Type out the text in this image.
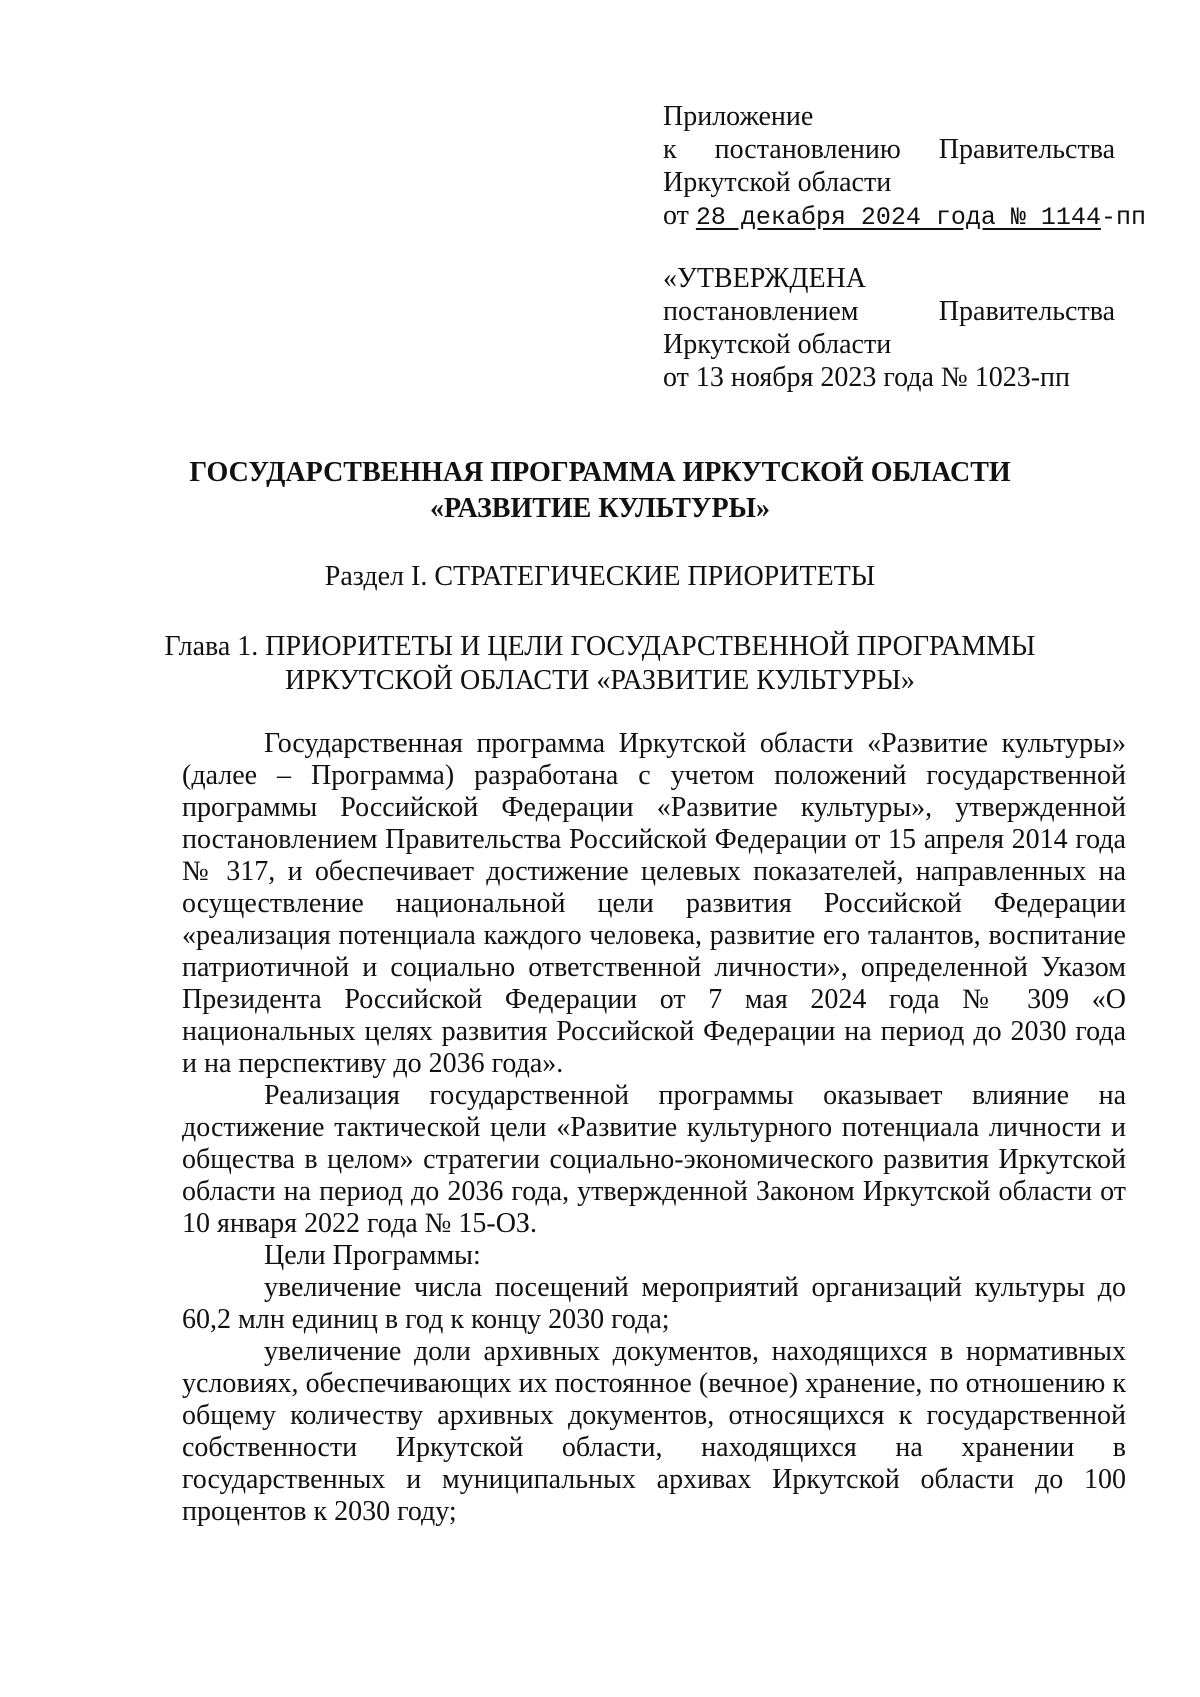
Приложение
к постановлению Правительства
Иркутской области
от 28 декабря 2024 года № 1144-пп
«УТВЕРЖДЕНА
постановлением	Правительства
Иркутской области
от 13 ноября 2023 года № 1023-пп
ГОСУДАРСТВЕННАЯ ПРОГРАММА ИРКУТСКОЙ ОБЛАСТИ
«РАЗВИТИЕ КУЛЬТУРЫ»
Раздел I. СТРАТЕГИЧЕСКИЕ ПРИОРИТЕТЫ
Глава 1. ПРИОРИТЕТЫ И ЦЕЛИ ГОСУДАРСТВЕННОЙ ПРОГРАММЫ
ИРКУТСКОЙ ОБЛАСТИ «РАЗВИТИЕ КУЛЬТУРЫ»

Государственная программа Иркутской области «Развитие культуры» (далее – Программа) разработана с учетом положений государственной программы Российской Федерации «Развитие культуры», утвержденной постановлением Правительства Российской Федерации от 15 апреля 2014 года № 317, и обеспечивает достижение целевых показателей, направленных на осуществление национальной цели развития Российской Федерации «реализация потенциала каждого человека, развитие его талантов, воспитание патриотичной и социально ответственной личности», определенной Указом Президента Российской Федерации от 7 мая 2024 года № 309 «О национальных целях развития Российской Федерации на период до 2030 года и на перспективу до 2036 года».

Реализация государственной программы оказывает влияние на достижение тактической цели «Развитие культурного потенциала личности и общества в целом» стратегии социально-экономического развития Иркутской области на период до 2036 года, утвержденной Законом Иркутской области от 10 января 2022 года № 15-ОЗ.

Цели Программы:

увеличение числа посещений мероприятий организаций культуры до 60,2 млн единиц в год к концу 2030 года;

увеличение доли архивных документов, находящихся в нормативных условиях, обеспечивающих их постоянное (вечное) хранение, по отношению к общему количеству архивных документов, относящихся к государственной собственности Иркутской области, находящихся на хранении в государственных и муниципальных архивах Иркутской области до 100 процентов к 2030 году;
